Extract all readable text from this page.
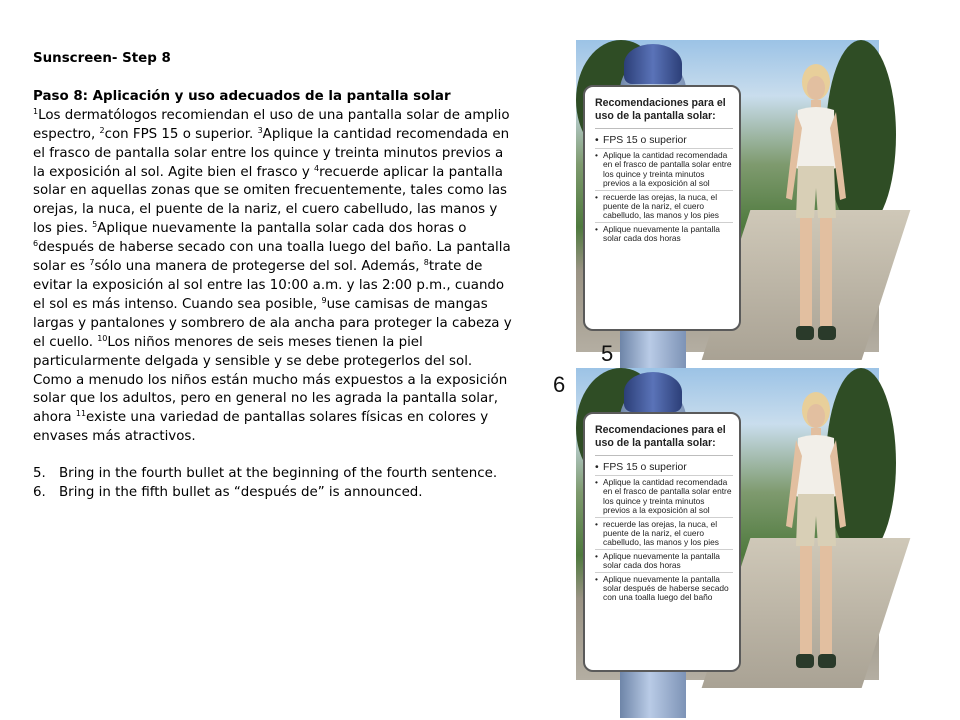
Sunscreen- Step 8

Paso 8: Aplicación y uso adecuados de la pantalla solar

$^1$Los dermatólogos recomiendan el uso de una pantalla solar de amplio espectro, $^2$con FPS 15 o superior. $^3$Aplique la cantidad recomendada en el frasco de pantalla solar entre los quince y treinta minutos previos a la exposición al sol. Agite bien el frasco y $^4$recuerde aplicar la pantalla solar en aquellas zonas que se omiten frecuentemente, tales como las orejas, la nuca, el puente de la nariz, el cuero cabelludo, las manos y los pies. $^5$Aplique nuevamente la pantalla solar cada dos horas o $^6$después de haberse secado con una toalla luego del baño. La pantalla solar es $^7$sólo una manera de protegerse del sol. Además, $^8$trate de evitar la exposición al sol entre las 10:00 a.m. y las 2:00 p.m., cuando el sol es más intenso. Cuando sea posible, $^9$use camisas de mangas largas y pantalones y sombrero de ala ancha para proteger la cabeza y el cuello. $^{10}$Los niños menores de seis meses tienen la piel particularmente delgada y sensible y se debe protegerlos del sol. Como a menudo los niños están mucho más expuestos a la exposición solar que los adultos, pero en general no les agrada la pantalla solar, ahora $^{11}$existe una variedad de pantallas solares físicas en colores y envases más atractivos.

5. Bring in the fourth bullet at the beginning of the fourth sentence.
6. Bring in the fifth bullet as “después de” is announced.

Recomendaciones para el uso de la pantalla solar:

• FPS 15 o superior
• Aplique la cantidad recomendada en el frasco de pantalla solar entre los quince y treinta minutos previos a la exposición al sol
• recuerde las orejas, la nuca, el puente de la nariz, el cuero cabelludo, las manos y los pies
• Aplique nuevamente la pantalla solar cada dos horas
5
6

Recomendaciones para el uso de la pantalla solar:

• FPS 15 o superior
• Aplique la cantidad recomendada en el frasco de pantalla solar entre los quince y treinta minutos previos a la exposición al sol
• recuerde las orejas, la nuca, el puente de la nariz, el cuero cabelludo, las manos y los pies
• Aplique nuevamente la pantalla solar cada dos horas
• Aplique nuevamente la pantalla solar después de haberse secado con una toalla luego del baño
